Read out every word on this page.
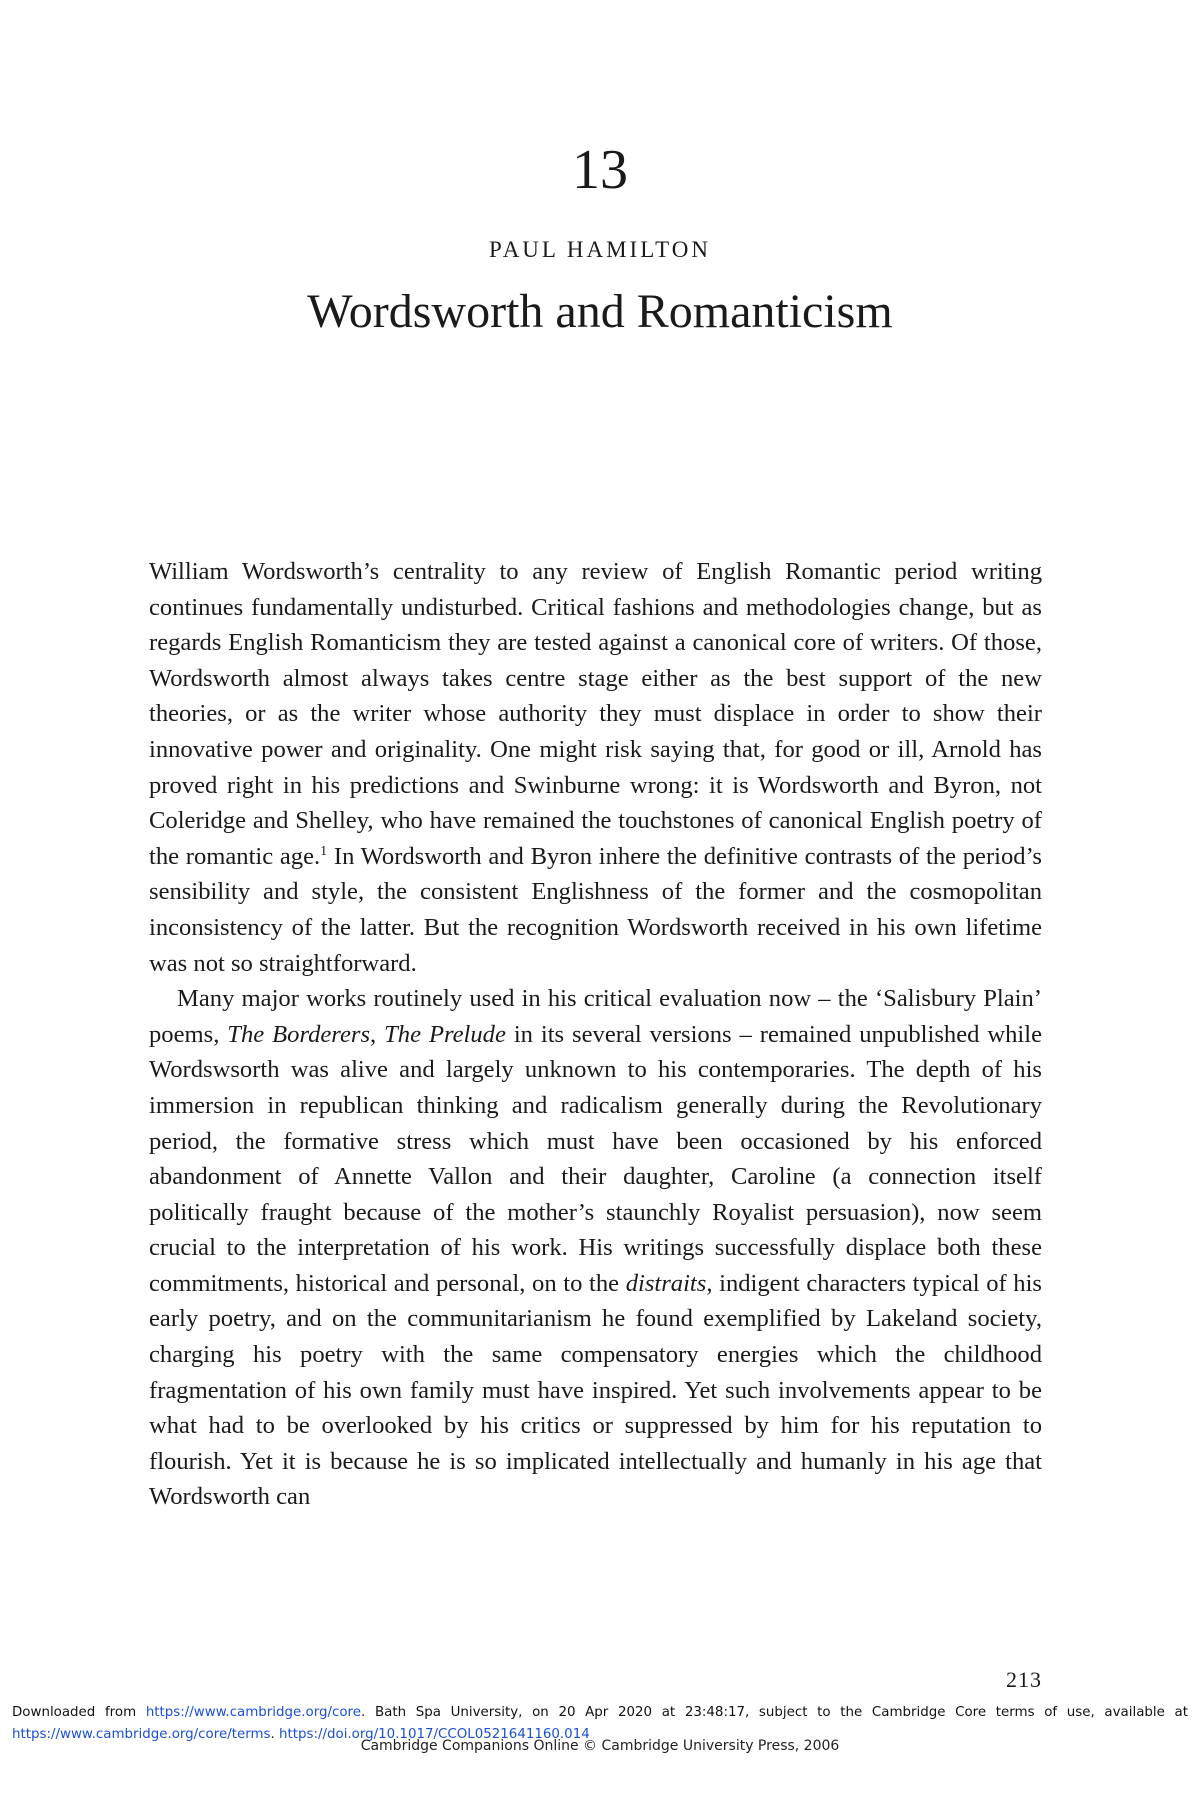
13
PAUL HAMILTON
Wordsworth and Romanticism

William Wordsworth’s centrality to any review of English Romantic period writing continues fundamentally undisturbed. Critical fashions and methodologies change, but as regards English Romanticism they are tested against a canonical core of writers. Of those, Wordsworth almost always takes centre stage either as the best support of the new theories, or as the writer whose authority they must displace in order to show their innovative power and originality. One might risk saying that, for good or ill, Arnold has proved right in his predictions and Swinburne wrong: it is Wordsworth and Byron, not Coleridge and Shelley, who have remained the touchstones of canonical English poetry of the romantic age.$^1$ In Wordsworth and Byron inhere the definitive contrasts of the period’s sensibility and style, the consistent Englishness of the former and the cosmopolitan inconsistency of the latter. But the recognition Wordsworth received in his own lifetime was not so straightforward.

Many major works routinely used in his critical evaluation now – the ‘Salisbury Plain’ poems, The Borderers, The Prelude in its several versions – remained unpublished while Wordswsorth was alive and largely unknown to his contemporaries. The depth of his immersion in republican thinking and radicalism generally during the Revolutionary period, the formative stress which must have been occasioned by his enforced abandonment of Annette Vallon and their daughter, Caroline (a connection itself politically fraught because of the mother’s staunchly Royalist persuasion), now seem crucial to the interpretation of his work. His writings successfully displace both these commitments, historical and personal, on to the distraits, indigent characters typical of his early poetry, and on the communitarianism he found exemplified by Lakeland society, charging his poetry with the same compensatory energies which the childhood fragmentation of his own family must have inspired. Yet such involvements appear to be what had to be overlooked by his critics or suppressed by him for his reputation to flourish. Yet it is because he is so implicated intellectually and humanly in his age that Wordsworth can

213
Downloaded from https://www.cambridge.org/core. Bath Spa University, on 20 Apr 2020 at 23:48:17, subject to the Cambridge Core terms of use, available at https://www.cambridge.org/core/terms. https://doi.org/10.1017/CCOL0521641160.014
Cambridge Companions Online © Cambridge University Press, 2006
